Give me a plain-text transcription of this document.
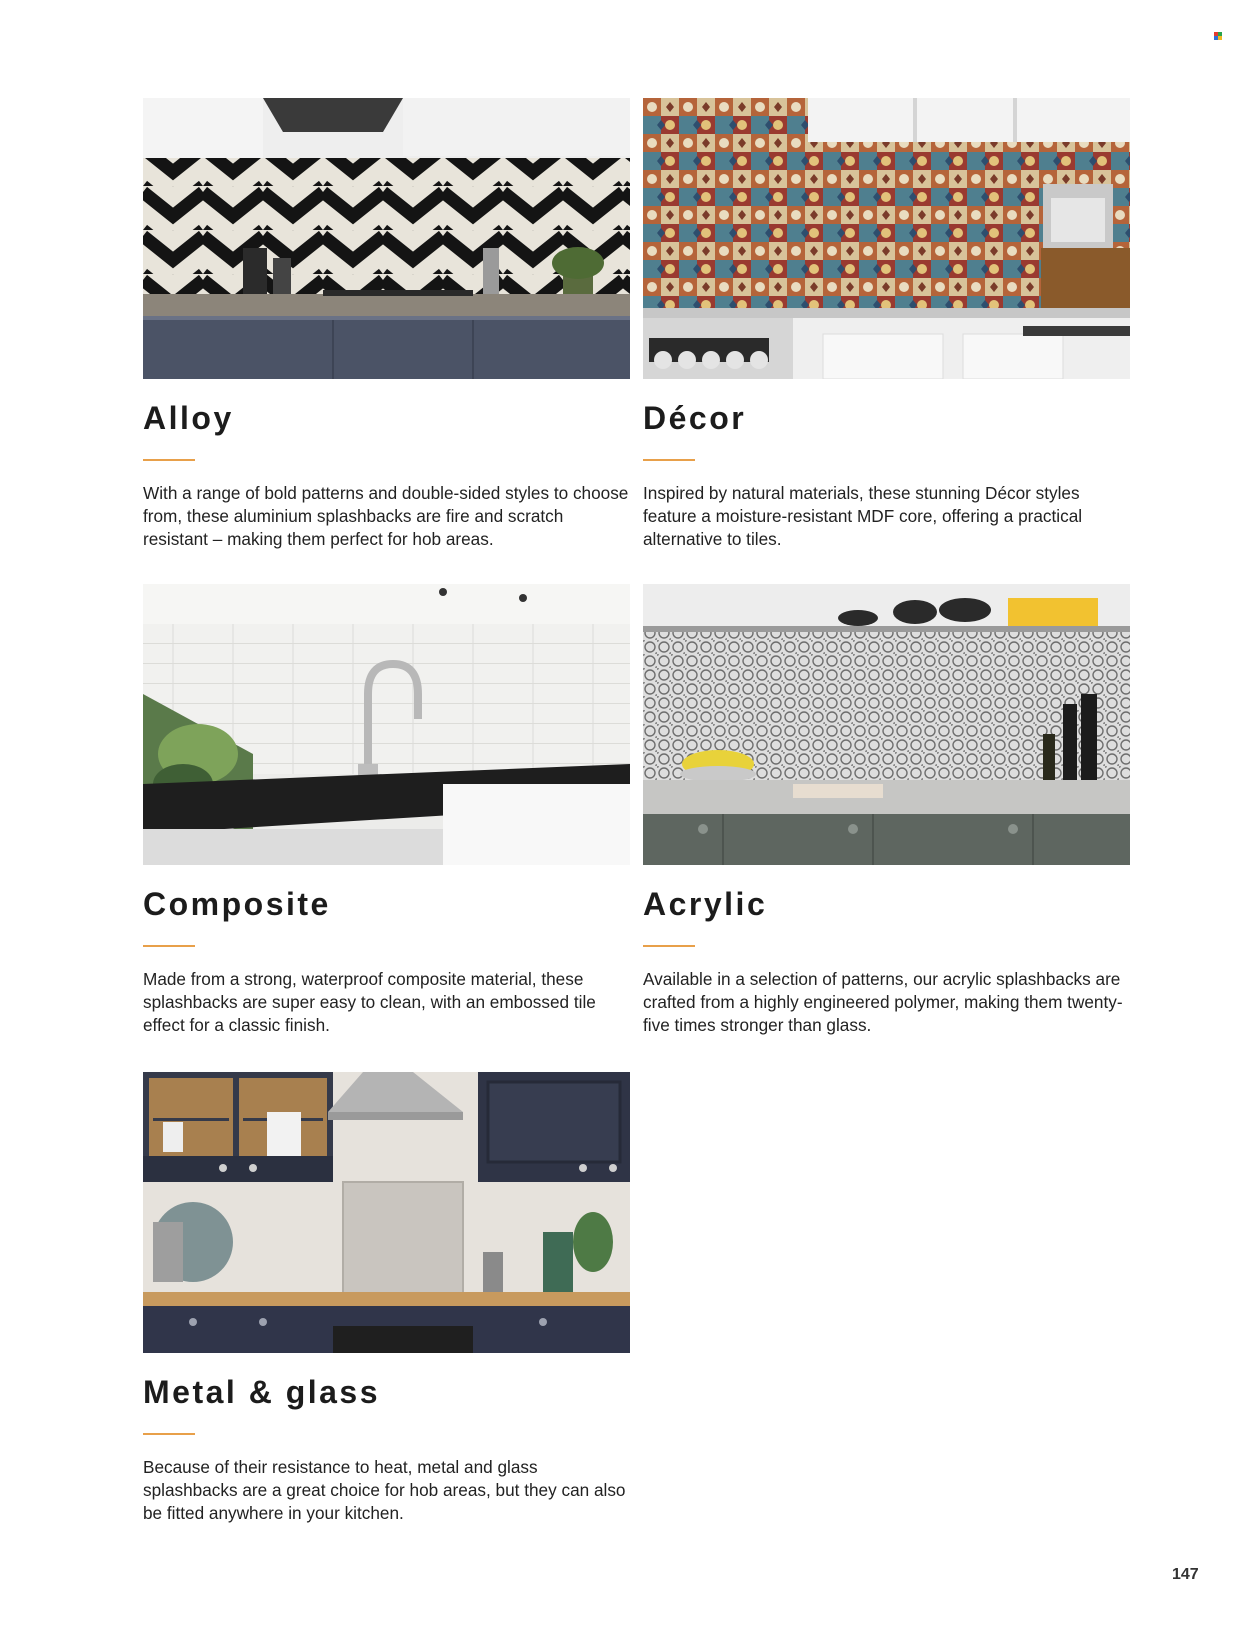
Alloy

With a range of bold patterns and double-sided styles to choose from, these aluminium splashbacks are fire and scratch resistant – making them perfect for hob areas.

Décor

Inspired by natural materials, these stunning Décor styles feature a moisture-resistant MDF core, offering a practical alternative to tiles.

Composite

Made from a strong, waterproof composite material, these splashbacks are super easy to clean, with an embossed tile effect for a classic finish.

Acrylic

Available in a selection of patterns, our acrylic splashbacks are crafted from a highly engineered polymer, making them twenty-five times stronger than glass.

Metal & glass

Because of their resistance to heat, metal and glass splashbacks are a great choice for hob areas, but they can also be fitted anywhere in your kitchen.

147
